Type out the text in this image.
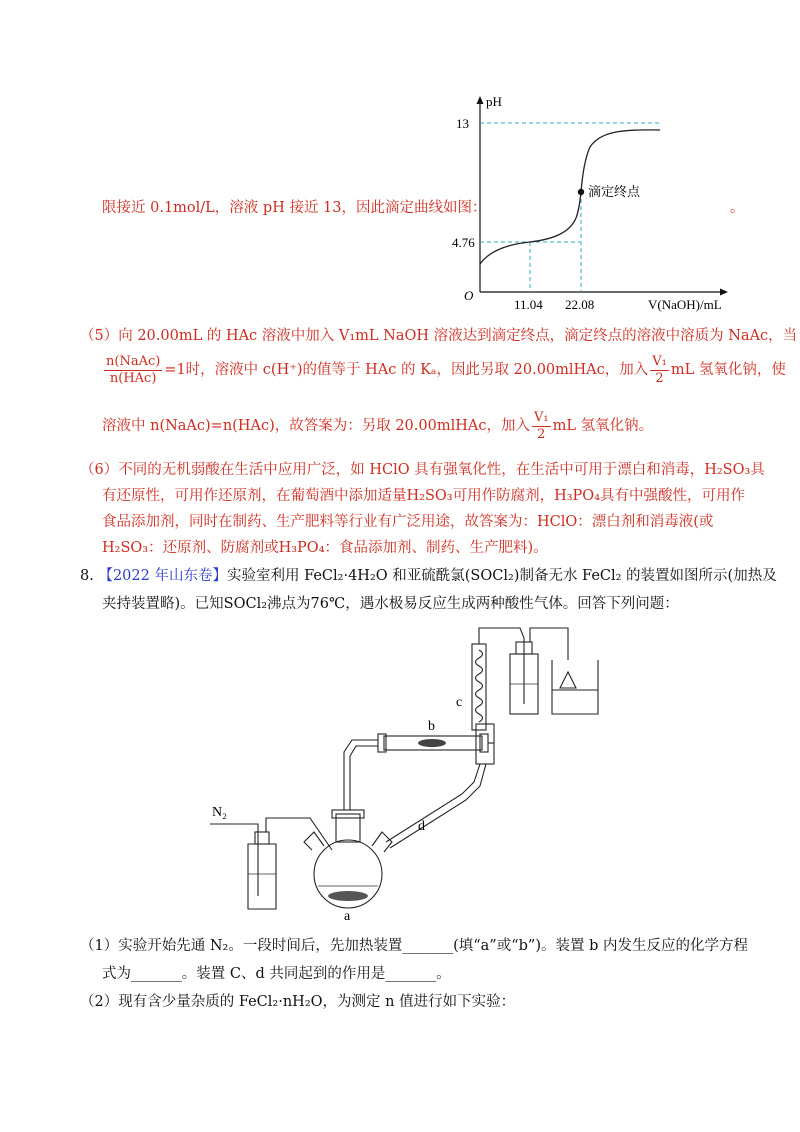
限接近 0.1mol/L，溶液 pH 接近 13，因此滴定曲线如图：	。
pH
13
4.76
O
11.04 22.08	V(NaOH)/mL
滴定终点
（5）向 20.00mL 的 HAc 溶液中加入 V₁mL NaOH 溶液达到滴定终点，滴定终点的溶液中溶质为 NaAc，当
$\frac{\text{n(NaAc)}}{\text{n(HAc)}} =1$时，溶液中 c(H⁺)的值等于 HAc 的 Kₐ，因此另取 20.00mlHAc，加入 $\frac{\text{V₁}}{2}$ mL 氢氧化钠，使
溶液中 n(NaAc)=n(HAc)，故答案为：另取 20.00mlHAc，加入 $\frac{\text{V₁}}{2}$ mL 氢氧化钠。
（6）不同的无机弱酸在生活中应用广泛，如 HClO 具有强氧化性，在生活中可用于漂白和消毒，H₂SO₃具
有还原性，可用作还原剂，在葡萄酒中添加适量H₂SO₃可用作防腐剂，H₃PO₄具有中强酸性，可用作
食品添加剂，同时在制药、生产肥料等行业有广泛用途，故答案为：HClO：漂白剂和消毒液(或
H₂SO₃：还原剂、防腐剂或H₃PO₄：食品添加剂、制药、生产肥料)。
8. 【2022 年山东卷】实验室利用 FeCl₂·4H₂O 和亚硫酰氯(SOCl₂)制备无水 FeCl₂ 的装置如图所示(加热及
夹持装置略)。已知SOCl₂沸点为76℃，遇水极易反应生成两种酸性气体。回答下列问题：
N₂
a
b
c
d
（1）实验开始先通 N₂。一段时间后，先加热装置_______(填“a”或“b”)。装置 b 内发生反应的化学方程
式为_______。装置 C、d 共同起到的作用是_______。
（2）现有含少量杂质的 FeCl₂·nH₂O，为测定 n 值进行如下实验：
